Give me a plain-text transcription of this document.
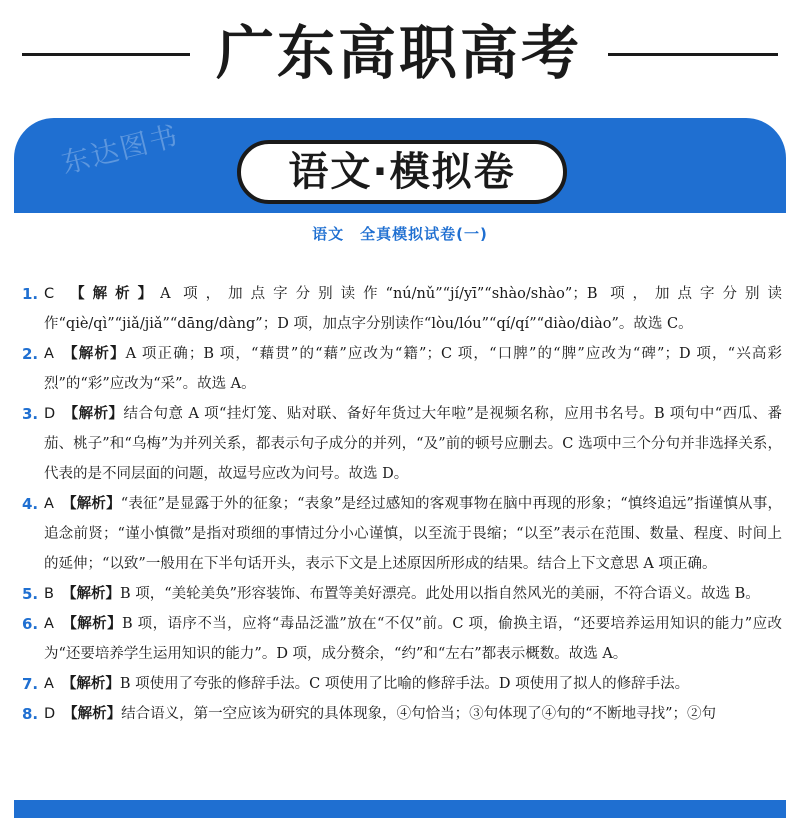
广东高职高考
东达图书	语文·模拟卷
语文　全真模拟试卷(一)
1. C 【解析】A 项，加点字分别读作“nú/nǔ”“jí/yī”“shào/shào”；B 项，加点字分别读作“qiè/qì”“jiǎ/jiǎ”“dāng/dàng”；D 项，加点字分别读作“lòu/lóu”“qí/qí”“diào/diào”。故选 C。
2. A 【解析】A 项正确；B 项，“藉贯”的“藉”应改为“籍”；C 项，“口脾”的“脾”应改为“碑”；D 项，“兴高彩烈”的“彩”应改为“采”。故选 A。
3. D 【解析】结合句意 A 项“挂灯笼、贴对联、备好年货过大年啦”是视频名称，应用书名号。B 项句中“西瓜、番茄、桃子”和“乌梅”为并列关系，都表示句子成分的并列，“及”前的顿号应删去。C 选项中三个分句并非选择关系，代表的是不同层面的问题，故逗号应改为问号。故选 D。
4. A 【解析】“表征”是显露于外的征象；“表象”是经过感知的客观事物在脑中再现的形象；“慎终追远”指谨慎从事，追念前贤；“谨小慎微”是指对琐细的事情过分小心谨慎，以至流于畏缩；“以至”表示在范围、数量、程度、时间上的延伸；“以致”一般用在下半句话开头，表示下文是上述原因所形成的结果。结合上下文意思 A 项正确。
5. B 【解析】B 项，“美轮美奂”形容装饰、布置等美好漂亮。此处用以指自然风光的美丽，不符合语义。故选 B。
6. A 【解析】B 项，语序不当，应将“毒品泛滥”放在“不仅”前。C 项，偷换主语，“还要培养运用知识的能力”应改为“还要培养学生运用知识的能力”。D 项，成分赘余，“约”和“左右”都表示概数。故选 A。
7. A 【解析】B 项使用了夸张的修辞手法。C 项使用了比喻的修辞手法。D 项使用了拟人的修辞手法。
8. D 【解析】结合语义，第一空应该为研究的具体现象，④句恰当；③句体现了④句的“不断地寻找”；②句
